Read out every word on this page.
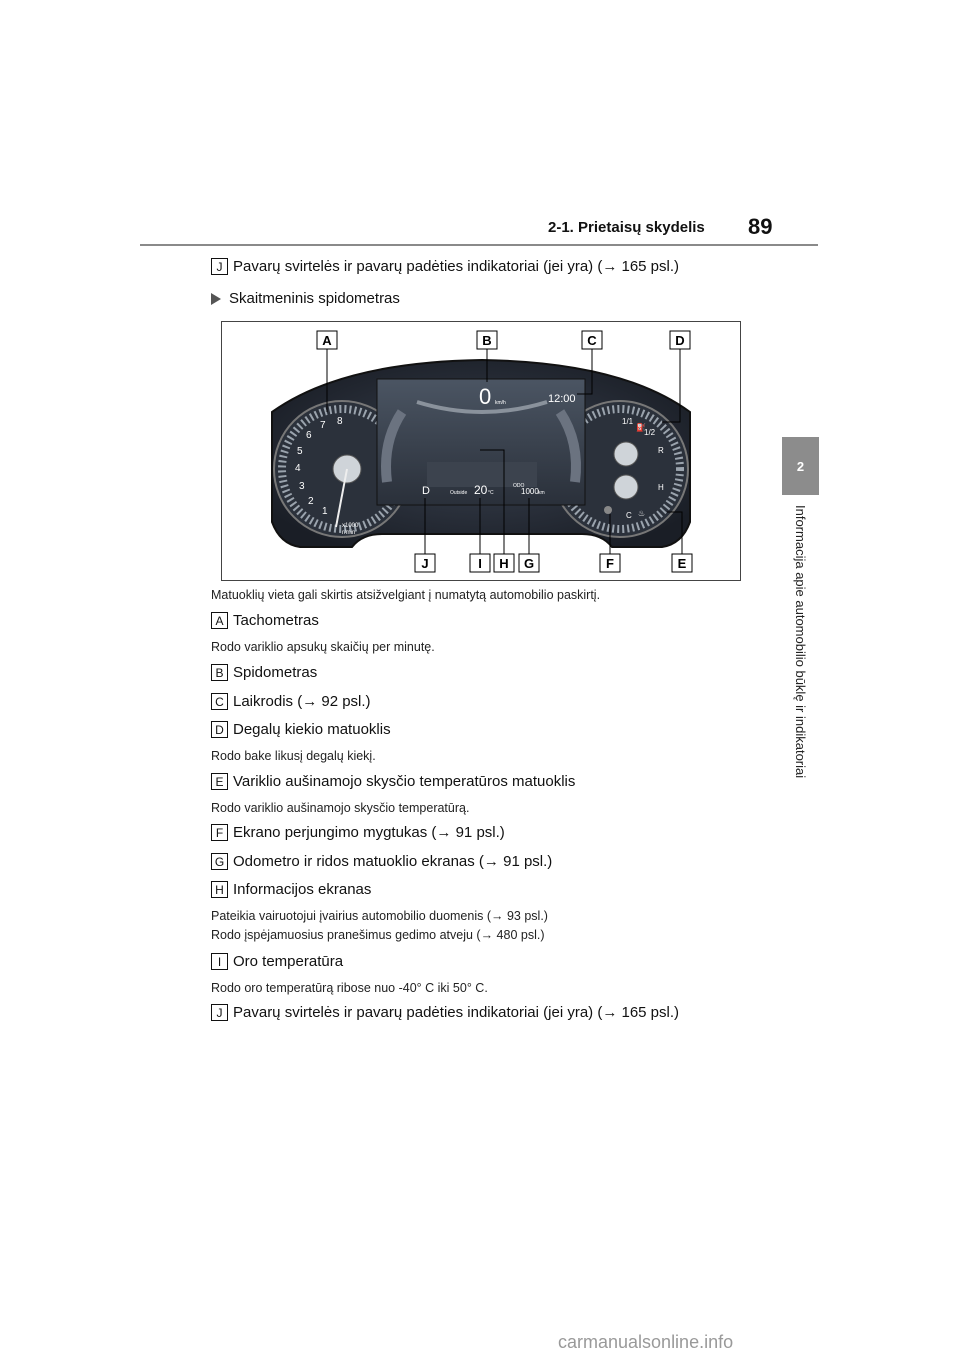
2-1. Prietaisų skydelis 89
2
Informacija apie automobilio būklę ir indikatoriai
J Pavarų svirtelės ir pavarų padėties indikatoriai (jei yra) (→ 165 psl.)
Skaitmeninis spidometras
1
2
3
4
5
6
7 8
x1000
r/min
1/1
1/2
R
H
C
⛽
♨
0 km/h	12:00
D	Outside 20 °C
ODO
1000 km
A	B	C	D
J	I H G	F	E
Matuoklių vieta gali skirtis atsižvelgiant į numatytą automobilio paskirtį.
A Tachometras
Rodo variklio apsukų skaičių per minutę.
B Spidometras
C Laikrodis (→ 92 psl.)
D Degalų kiekio matuoklis
Rodo bake likusį degalų kiekį.
E Variklio aušinamojo skysčio temperatūros matuoklis
Rodo variklio aušinamojo skysčio temperatūrą.
F Ekrano perjungimo mygtukas (→ 91 psl.)
G Odometro ir ridos matuoklio ekranas (→ 91 psl.)
H Informacijos ekranas
Pateikia vairuotojui įvairius automobilio duomenis (→ 93 psl.)
Rodo įspėjamuosius pranešimus gedimo atveju (→ 480 psl.)
I Oro temperatūra
Rodo oro temperatūrą ribose nuo -40° C iki 50° C.
J Pavarų svirtelės ir pavarų padėties indikatoriai (jei yra) (→ 165 psl.)
carmanualsonline.info
